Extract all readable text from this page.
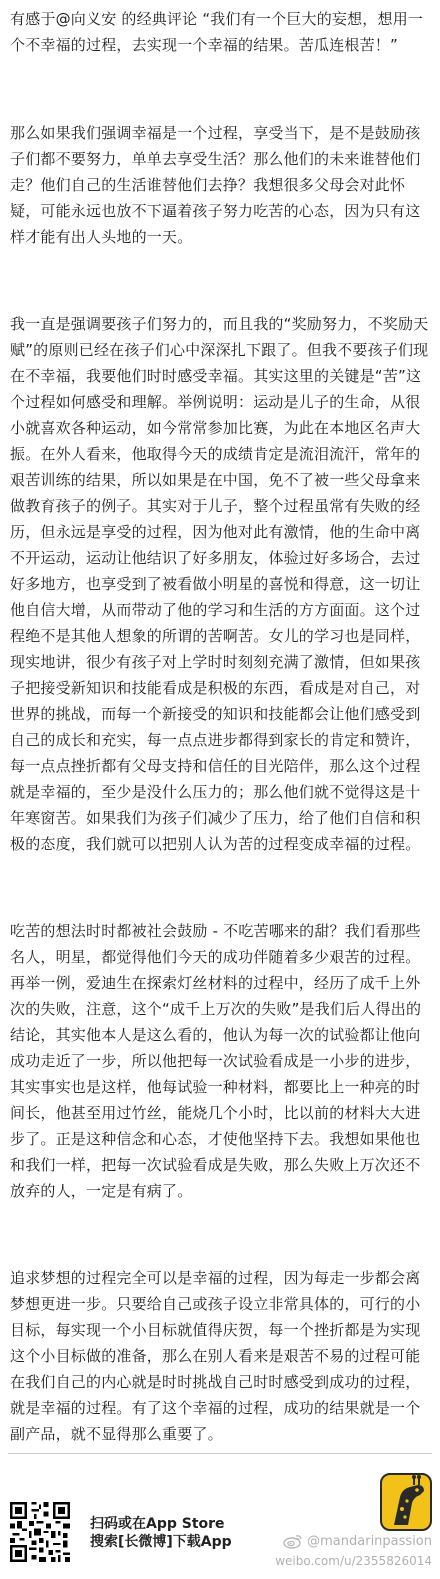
有感于@向义安 的经典评论 “我们有一个巨大的妄想，想用一个不幸福的过程，去实现一个幸福的结果。苦瓜连根苦！”

那么如果我们强调幸福是一个过程，享受当下，是不是鼓励孩子们都不要努力，单单去享受生活？那么他们的未来谁替他们走？他们自己的生活谁替他们去挣？我想很多父母会对此怀疑，可能永远也放不下逼着孩子努力吃苦的心态，因为只有这样才能有出人头地的一天。

我一直是强调要孩子们努力的，而且我的“奖励努力，不奖励天赋”的原则已经在孩子们心中深深扎下跟了。但我不要孩子们现在不幸福，我要他们时时感受幸福。其实这里的关键是“苦”这个过程如何感受和理解。举例说明：运动是儿子的生命，从很小就喜欢各种运动，如今常常参加比赛，为此在本地区名声大振。在外人看来，他取得今天的成绩肯定是流泪流汗，常年的艰苦训练的结果，所以如果是在中国，免不了被一些父母拿来做教育孩子的例子。其实对于儿子，整个过程虽常有失败的经历，但永远是享受的过程，因为他对此有激情，他的生命中离不开运动，运动让他结识了好多朋友，体验过好多场合，去过好多地方，也享受到了被看做小明星的喜悦和得意，这一切让他自信大增，从而带动了他的学习和生活的方方面面。这个过程绝不是其他人想象的所谓的苦啊苦。女儿的学习也是同样，现实地讲，很少有孩子对上学时时刻刻充满了激情，但如果孩子把接受新知识和技能看成是积极的东西，看成是对自己，对世界的挑战，而每一个新接受的知识和技能都会让他们感受到自己的成长和充实，每一点点进步都得到家长的肯定和赞许，每一点点挫折都有父母支持和信任的目光陪伴，那么这个过程就是幸福的，至少是没什么压力的；那么他们就不觉得这是十年寒窗苦。如果我们为孩子们减少了压力，给了他们自信和积极的态度，我们就可以把别人认为苦的过程变成幸福的过程。

吃苦的想法时时都被社会鼓励 - 不吃苦哪来的甜？我们看那些名人，明星，都觉得他们今天的成功伴随着多少艰苦的过程。再举一例，爱迪生在探索灯丝材料的过程中，经历了成千上外次的失败，注意，这个“成千上万次的失败”是我们后人得出的结论，其实他本人是这么看的，他认为每一次的试验都让他向成功走近了一步，所以他把每一次试验看成是一小步的进步，其实事实也是这样，他每试验一种材料，都要比上一种亮的时间长，他甚至用过竹丝，能烧几个小时，比以前的材料大大进步了。正是这种信念和心态，才使他坚持下去。我想如果他也和我们一样，把每一次试验看成是失败，那么失败上万次还不放弃的人，一定是有病了。

追求梦想的过程完全可以是幸福的过程，因为每走一步都会离梦想更进一步。只要给自己或孩子设立非常具体的，可行的小目标，每实现一个小目标就值得庆贺，每一个挫折都是为实现这个小目标做的准备，那么在别人看来是艰苦不易的过程可能在我们自己的内心就是时时挑战自己时时感受到成功的过程，就是幸福的过程。有了这个幸福的过程，成功的结果就是一个副产品，就不显得那么重要了。

扫码或在App Store
搜索[长微博]下载App	@mandarinpassion
weibo.com/u/2355826014
